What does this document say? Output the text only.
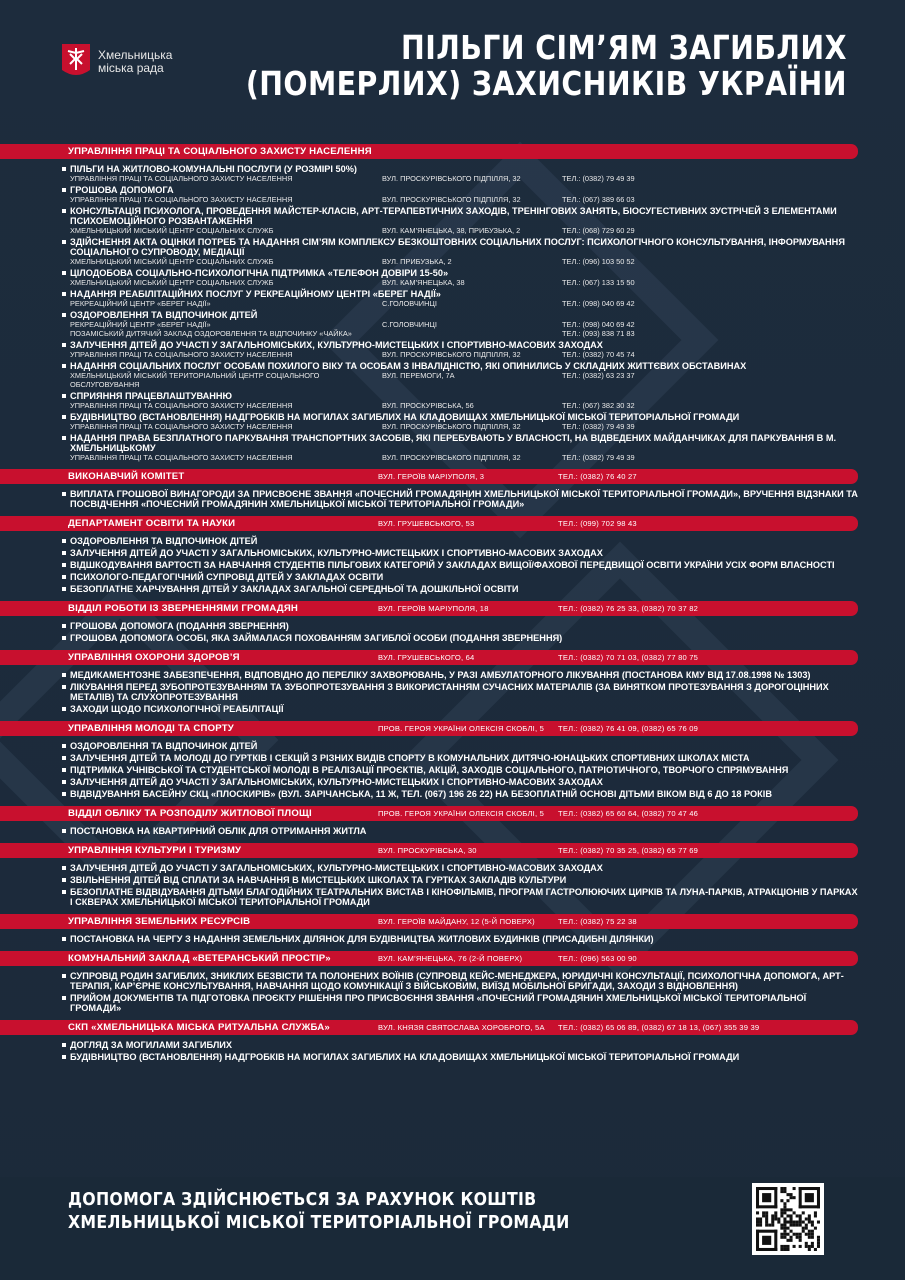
Хмельницька
міська рада
ПІЛЬГИ СІМ’ЯМ ЗАГИБЛИХ
(ПОМЕРЛИХ) ЗАХИСНИКІВ УКРАЇНИ
УПРАВЛІННЯ ПРАЦІ ТА СОЦІАЛЬНОГО ЗАХИСТУ НАСЕЛЕННЯ
ПІЛЬГИ НА ЖИТЛОВО-КОМУНАЛЬНІ ПОСЛУГИ (У РОЗМІРІ 50%)
УПРАВЛІННЯ ПРАЦІ ТА СОЦІАЛЬНОГО ЗАХИСТУ НАСЕЛЕННЯ	ВУЛ. ПРОСКУРІВСЬКОГО ПІДПІЛЛЯ, 32	ТЕЛ.: (0382) 79 49 39
ГРОШОВА ДОПОМОГА
УПРАВЛІННЯ ПРАЦІ ТА СОЦІАЛЬНОГО ЗАХИСТУ НАСЕЛЕННЯ	ВУЛ. ПРОСКУРІВСЬКОГО ПІДПІЛЛЯ, 32	ТЕЛ.: (067) 389 66 03
КОНСУЛЬТАЦІЯ ПСИХОЛОГА, ПРОВЕДЕННЯ МАЙСТЕР-КЛАСІВ, АРТ-ТЕРАПЕВТИЧНИХ ЗАХОДІВ, ТРЕНІНГОВИХ ЗАНЯТЬ, БІОСУГЕСТИВНИХ ЗУСТРІЧЕЙ З ЕЛЕМЕНТАМИ ПСИХОЕМОЦІЙНОГО РОЗВАНТАЖЕННЯ
ХМЕЛЬНИЦЬКИЙ МІСЬКИЙ ЦЕНТР СОЦІАЛЬНИХ СЛУЖБ	ВУЛ. КАМ’ЯНЕЦЬКА, 38, ПРИБУЗЬКА, 2	ТЕЛ.: (068) 729 60 29
ЗДІЙСНЕННЯ АКТА ОЦІНКИ ПОТРЕБ ТА НАДАННЯ СІМ’ЯМ КОМПЛЕКСУ БЕЗКОШТОВНИХ СОЦІАЛЬНИХ ПОСЛУГ: ПСИХОЛОГІЧНОГО КОНСУЛЬТУВАННЯ, ІНФОРМУВАННЯ СОЦІАЛЬНОГО СУПРОВОДУ, МЕДІАЦІЇ
ХМЕЛЬНИЦЬКИЙ МІСЬКИЙ ЦЕНТР СОЦІАЛЬНИХ СЛУЖБ	ВУЛ. ПРИБУЗЬКА, 2	ТЕЛ.: (096) 103 50 52
ЦІЛОДОБОВА СОЦІАЛЬНО-ПСИХОЛОГІЧНА ПІДТРИМКА «ТЕЛЕФОН ДОВІРИ 15-50»
ХМЕЛЬНИЦЬКИЙ МІСЬКИЙ ЦЕНТР СОЦІАЛЬНИХ СЛУЖБ	ВУЛ. КАМ’ЯНЕЦЬКА, 38	ТЕЛ.: (067) 133 15 50
НАДАННЯ РЕАБІЛІТАЦІЙНИХ ПОСЛУГ У РЕКРЕАЦІЙНОМУ ЦЕНТРІ «БЕРЕГ НАДІЇ»
РЕКРЕАЦІЙНИЙ ЦЕНТР «БЕРЕГ НАДІЇ»	С.ГОЛОВЧИНЦІ	ТЕЛ.: (098) 040 69 42
ОЗДОРОВЛЕННЯ ТА ВІДПОЧИНОК ДІТЕЙ
РЕКРЕАЦІЙНИЙ ЦЕНТР «БЕРЕГ НАДІЇ»	С.ГОЛОВЧИНЦІ	ТЕЛ.: (098) 040 69 42
ПОЗАМІСЬКИЙ ДИТЯЧИЙ ЗАКЛАД ОЗДОРОВЛЕННЯ ТА ВІДПОЧИНКУ «ЧАЙКА»	ТЕЛ.: (093) 838 71 83
ЗАЛУЧЕННЯ ДІТЕЙ ДО УЧАСТІ У ЗАГАЛЬНОМІСЬКИХ, КУЛЬТУРНО-МИСТЕЦЬКИХ І СПОРТИВНО-МАСОВИХ ЗАХОДАХ
УПРАВЛІННЯ ПРАЦІ ТА СОЦІАЛЬНОГО ЗАХИСТУ НАСЕЛЕННЯ	ВУЛ. ПРОСКУРІВСЬКОГО ПІДПІЛЛЯ, 32	ТЕЛ.: (0382) 70 45 74
НАДАННЯ СОЦІАЛЬНИХ ПОСЛУГ ОСОБАМ ПОХИЛОГО ВІКУ ТА ОСОБАМ З ІНВАЛІДНІСТЮ, ЯКІ ОПИНИЛИСЬ У СКЛАДНИХ ЖИТТЄВИХ ОБСТАВИНАХ
ХМЕЛЬНИЦЬКИЙ МІСЬКИЙ ТЕРИТОРІАЛЬНИЙ ЦЕНТР СОЦІАЛЬНОГО ОБСЛУГОВУВАННЯ
ВУЛ. ПЕРЕМОГИ, 7А	ТЕЛ.: (0382) 63 23 37
СПРИЯННЯ ПРАЦЕВЛАШТУВАННЮ
УПРАВЛІННЯ ПРАЦІ ТА СОЦІАЛЬНОГО ЗАХИСТУ НАСЕЛЕННЯ	ВУЛ. ПРОСКУРІВСЬКА, 56	ТЕЛ.: (067) 382 30 32
БУДІВНИЦТВО (ВСТАНОВЛЕННЯ) НАДГРОБКІВ НА МОГИЛАХ ЗАГИБЛИХ НА КЛАДОВИЩАХ ХМЕЛЬНИЦЬКОЇ МІСЬКОЇ ТЕРИТОРІАЛЬНОЇ ГРОМАДИ
УПРАВЛІННЯ ПРАЦІ ТА СОЦІАЛЬНОГО ЗАХИСТУ НАСЕЛЕННЯ	ВУЛ. ПРОСКУРІВСЬКОГО ПІДПІЛЛЯ, 32	ТЕЛ.: (0382) 79 49 39
НАДАННЯ ПРАВА БЕЗПЛАТНОГО ПАРКУВАННЯ ТРАНСПОРТНИХ ЗАСОБІВ, ЯКІ ПЕРЕБУВАЮТЬ У ВЛАСНОСТІ, НА ВІДВЕДЕНИХ МАЙДАНЧИКАХ ДЛЯ ПАРКУВАННЯ В М. ХМЕЛЬНИЦЬКОМУ
УПРАВЛІННЯ ПРАЦІ ТА СОЦІАЛЬНОГО ЗАХИСТУ НАСЕЛЕННЯ	ВУЛ. ПРОСКУРІВСЬКОГО ПІДПІЛЛЯ, 32	ТЕЛ.: (0382) 79 49 39
ВИКОНАВЧИЙ КОМІТЕТ	ВУЛ. ГЕРОЇВ МАРІУПОЛЯ, 3	ТЕЛ.: (0382) 76 40 27
ВИПЛАТА ГРОШОВОЇ ВИНАГОРОДИ ЗА ПРИСВОЄНЕ ЗВАННЯ «ПОЧЕСНИЙ ГРОМАДЯНИН ХМЕЛЬНИЦЬКОЇ МІСЬКОЇ ТЕРИТОРІАЛЬНОЇ ГРОМАДИ», ВРУЧЕННЯ ВІДЗНАКИ ТА ПОСВІДЧЕННЯ «ПОЧЕСНИЙ ГРОМАДЯНИН ХМЕЛЬНИЦЬКОЇ МІСЬКОЇ ТЕРИТОРІАЛЬНОЇ ГРОМАДИ»
ДЕПАРТАМЕНТ ОСВІТИ ТА НАУКИ	ВУЛ. ГРУШЕВСЬКОГО, 53	ТЕЛ.: (099) 702 98 43
ОЗДОРОВЛЕННЯ ТА ВІДПОЧИНОК ДІТЕЙ
ЗАЛУЧЕННЯ ДІТЕЙ ДО УЧАСТІ У ЗАГАЛЬНОМІСЬКИХ, КУЛЬТУРНО-МИСТЕЦЬКИХ І СПОРТИВНО-МАСОВИХ ЗАХОДАХ
ВІДШКОДУВАННЯ ВАРТОСТІ ЗА НАВЧАННЯ СТУДЕНТІВ ПІЛЬГОВИХ КАТЕГОРІЙ У ЗАКЛАДАХ ВИЩОЇ/ФАХОВОЇ ПЕРЕДВИЩОЇ ОСВІТИ УКРАЇНИ УСІХ ФОРМ ВЛАСНОСТІ
ПСИХОЛОГО-ПЕДАГОГІЧНИЙ СУПРОВІД ДІТЕЙ У ЗАКЛАДАХ ОСВІТИ
БЕЗОПЛАТНЕ ХАРЧУВАННЯ ДІТЕЙ У ЗАКЛАДАХ ЗАГАЛЬНОЇ СЕРЕДНЬОЇ ТА ДОШКІЛЬНОЇ ОСВІТИ
ВІДДІЛ РОБОТИ ІЗ ЗВЕРНЕННЯМИ ГРОМАДЯН	ВУЛ. ГЕРОЇВ МАРІУПОЛЯ, 18	ТЕЛ.: (0382) 76 25 33, (0382) 70 37 82
ГРОШОВА ДОПОМОГА (ПОДАННЯ ЗВЕРНЕННЯ)
ГРОШОВА ДОПОМОГА ОСОБІ, ЯКА ЗАЙМАЛАСЯ ПОХОВАННЯМ ЗАГИБЛОЇ ОСОБИ (ПОДАННЯ ЗВЕРНЕННЯ)
УПРАВЛІННЯ ОХОРОНИ ЗДОРОВ’Я	ВУЛ. ГРУШЕВСЬКОГО, 64	ТЕЛ.: (0382) 70 71 03, (0382) 77 80 75
МЕДИКАМЕНТОЗНЕ ЗАБЕЗПЕЧЕННЯ, ВІДПОВІДНО ДО ПЕРЕЛІКУ ЗАХВОРЮВАНЬ, У РАЗІ АМБУЛАТОРНОГО ЛІКУВАННЯ (ПОСТАНОВА КМУ ВІД 17.08.1998 № 1303)
ЛІКУВАННЯ ПЕРЕД ЗУБОПРОТЕЗУВАННЯМ ТА ЗУБОПРОТЕЗУВАННЯ З ВИКОРИСТАННЯМ СУЧАСНИХ МАТЕРІАЛІВ (ЗА ВИНЯТКОМ ПРОТЕЗУВАННЯ З ДОРОГОЦІННИХ МЕТАЛІВ) ТА СЛУХОПРОТЕЗУВАННЯ
ЗАХОДИ ЩОДО ПСИХОЛОГІЧНОЇ РЕАБІЛІТАЦІЇ
УПРАВЛІННЯ МОЛОДІ ТА СПОРТУ	ПРОВ. ГЕРОЯ УКРАЇНИ ОЛЕКСІЯ СКОБЛІ, 5 ТЕЛ.: (0382) 76 41 09, (0382) 65 76 09
ОЗДОРОВЛЕННЯ ТА ВІДПОЧИНОК ДІТЕЙ
ЗАЛУЧЕННЯ ДІТЕЙ ТА МОЛОДІ ДО ГУРТКІВ І СЕКЦІЙ З РІЗНИХ ВИДІВ СПОРТУ В КОМУНАЛЬНИХ ДИТЯЧО-ЮНАЦЬКИХ СПОРТИВНИХ ШКОЛАХ МІСТА
ПІДТРИМКА УЧНІВСЬКОЇ ТА СТУДЕНТСЬКОЇ МОЛОДІ В РЕАЛІЗАЦІЇ ПРОЄКТІВ, АКЦІЙ, ЗАХОДІВ СОЦІАЛЬНОГО, ПАТРІОТИЧНОГО, ТВОРЧОГО СПРЯМУВАННЯ
ЗАЛУЧЕННЯ ДІТЕЙ ДО УЧАСТІ У ЗАГАЛЬНОМІСЬКИХ, КУЛЬТУРНО-МИСТЕЦЬКИХ І СПОРТИВНО-МАСОВИХ ЗАХОДАХ
ВІДВІДУВАННЯ БАСЕЙНУ СКЦ «ПЛОСКИРІВ» (ВУЛ. ЗАРІЧАНСЬКА, 11 Ж, ТЕЛ. (067) 196 26 22) НА БЕЗОПЛАТНІЙ ОСНОВІ ДІТЬМИ ВІКОМ ВІД 6 ДО 18 РОКІВ
ВІДДІЛ ОБЛІКУ ТА РОЗПОДІЛУ ЖИТЛОВОЇ ПЛОЩІ	ПРОВ. ГЕРОЯ УКРАЇНИ ОЛЕКСІЯ СКОБЛІ, 5 ТЕЛ.: (0382) 65 60 64, (0382) 70 47 46
ПОСТАНОВКА НА КВАРТИРНИЙ ОБЛІК ДЛЯ ОТРИМАННЯ ЖИТЛА
УПРАВЛІННЯ КУЛЬТУРИ І ТУРИЗМУ	ВУЛ. ПРОСКУРІВСЬКА, 30	ТЕЛ.: (0382) 70 35 25, (0382) 65 77 69
ЗАЛУЧЕННЯ ДІТЕЙ ДО УЧАСТІ У ЗАГАЛЬНОМІСЬКИХ, КУЛЬТУРНО-МИСТЕЦЬКИХ І СПОРТИВНО-МАСОВИХ ЗАХОДАХ
ЗВІЛЬНЕННЯ ДІТЕЙ ВІД СПЛАТИ ЗА НАВЧАННЯ В МИСТЕЦЬКИХ ШКОЛАХ ТА ГУРТКАХ ЗАКЛАДІВ КУЛЬТУРИ
БЕЗОПЛАТНЕ ВІДВІДУВАННЯ ДІТЬМИ БЛАГОДІЙНИХ ТЕАТРАЛЬНИХ ВИСТАВ І КІНОФІЛЬМІВ, ПРОГРАМ ГАСТРОЛЮЮЧИХ ЦИРКІВ ТА ЛУНА-ПАРКІВ, АТРАКЦІОНІВ У ПАРКАХ І СКВЕРАХ ХМЕЛЬНИЦЬКОЇ МІСЬКОЇ ТЕРИТОРІАЛЬНОЇ ГРОМАДИ
УПРАВЛІННЯ ЗЕМЕЛЬНИХ РЕСУРСІВ	ВУЛ. ГЕРОЇВ МАЙДАНУ, 12 (5-Й ПОВЕРХ)	ТЕЛ.: (0382) 75 22 38
ПОСТАНОВКА НА ЧЕРГУ З НАДАННЯ ЗЕМЕЛЬНИХ ДІЛЯНОК ДЛЯ БУДІВНИЦТВА ЖИТЛОВИХ БУДИНКІВ (ПРИСАДИБНІ ДІЛЯНКИ)
КОМУНАЛЬНИЙ ЗАКЛАД «ВЕТЕРАНСЬКИЙ ПРОСТІР»	ВУЛ. КАМ’ЯНЕЦЬКА, 76 (2-Й ПОВЕРХ)	ТЕЛ.: (096) 563 00 90
СУПРОВІД РОДИН ЗАГИБЛИХ, ЗНИКЛИХ БЕЗВІСТИ ТА ПОЛОНЕНИХ ВОЇНІВ (СУПРОВІД КЕЙС-МЕНЕДЖЕРА, ЮРИДИЧНІ КОНСУЛЬТАЦІЇ, ПСИХОЛОГІЧНА ДОПОМОГА, АРТ-ТЕРАПІЯ, КАР’ЄРНЕ КОНСУЛЬТУВАННЯ, НАВЧАННЯ ЩОДО КОМУНІКАЦІЇ З ВІЙСЬКОВИМ, ВИЇЗД МОБІЛЬНОЇ БРИГАДИ, ЗАХОДИ З ВІДНОВЛЕННЯ)
ПРИЙОМ ДОКУМЕНТІВ ТА ПІДГОТОВКА ПРОЄКТУ РІШЕННЯ ПРО ПРИСВОЄННЯ ЗВАННЯ «ПОЧЕСНИЙ ГРОМАДЯНИН ХМЕЛЬНИЦЬКОЇ МІСЬКОЇ ТЕРИТОРІАЛЬНОЇ ГРОМАДИ»
СКП «ХМЕЛЬНИЦЬКА МІСЬКА РИТУАЛЬНА СЛУЖБА»	ВУЛ. КНЯЗЯ СВЯТОСЛАВА ХОРОБРОГО, 5А ТЕЛ.: (0382) 65 06 89, (0382) 67 18 13, (067) 355 39 39
ДОГЛЯД ЗА МОГИЛАМИ ЗАГИБЛИХ
БУДІВНИЦТВО (ВСТАНОВЛЕННЯ) НАДГРОБКІВ НА МОГИЛАХ ЗАГИБЛИХ НА КЛАДОВИЩАХ ХМЕЛЬНИЦЬКОЇ МІСЬКОЇ ТЕРИТОРІАЛЬНОЇ ГРОМАДИ
ДОПОМОГА ЗДІЙСНЮЄТЬСЯ ЗА РАХУНОК КОШТІВ
ХМЕЛЬНИЦЬКОЇ МІСЬКОЇ ТЕРИТОРІАЛЬНОЇ ГРОМАДИ
